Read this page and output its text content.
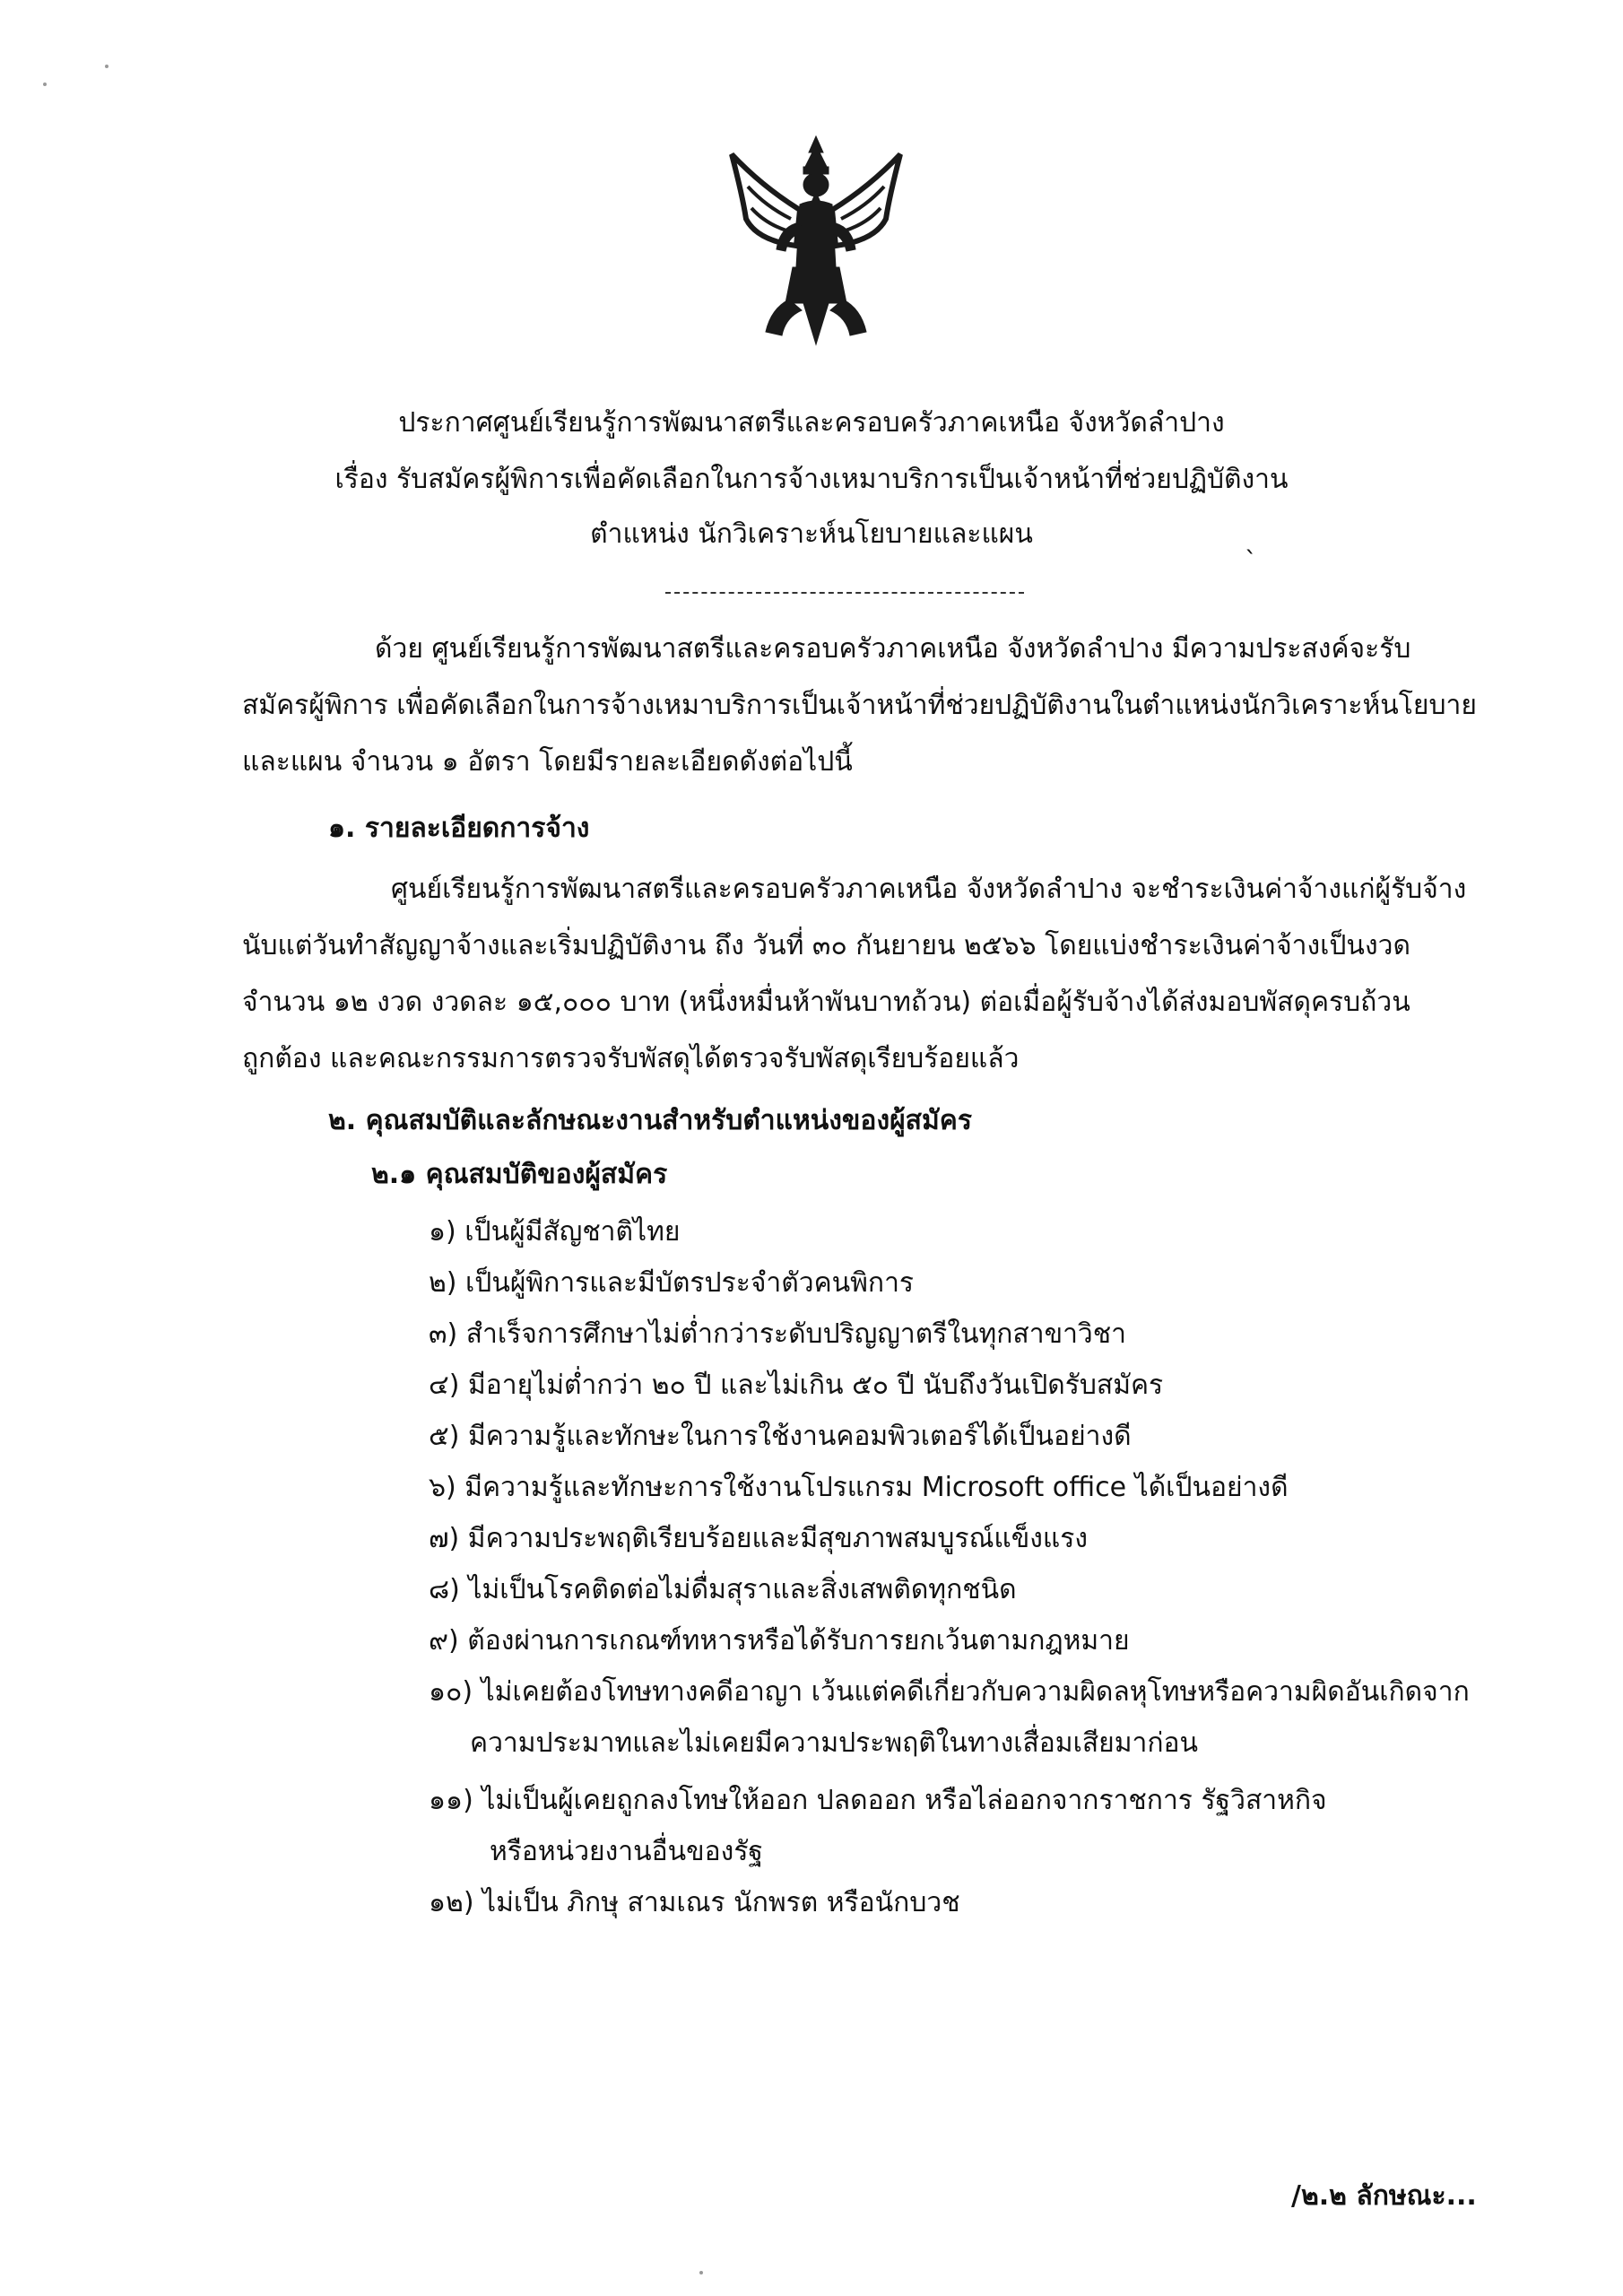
ประกาศศูนย์เรียนรู้การพัฒนาสตรีและครอบครัวภาคเหนือ จังหวัดลำปาง
เรื่อง รับสมัครผู้พิการเพื่อคัดเลือกในการจ้างเหมาบริการเป็นเจ้าหน้าที่ช่วยปฏิบัติงาน
ตำแหน่ง นักวิเคราะห์นโยบายและแผน	ˎ
ด้วย ศูนย์เรียนรู้การพัฒนาสตรีและครอบครัวภาคเหนือ จังหวัดลำปาง มีความประสงค์จะรับ
สมัครผู้พิการ เพื่อคัดเลือกในการจ้างเหมาบริการเป็นเจ้าหน้าที่ช่วยปฏิบัติงานในตำแหน่งนักวิเคราะห์นโยบาย
และแผน จำนวน ๑ อัตรา โดยมีรายละเอียดดังต่อไปนี้
๑. รายละเอียดการจ้าง
ศูนย์เรียนรู้การพัฒนาสตรีและครอบครัวภาคเหนือ จังหวัดลำปาง จะชำระเงินค่าจ้างแก่ผู้รับจ้าง
นับแต่วันทำสัญญาจ้างและเริ่มปฏิบัติงาน ถึง วันที่ ๓๐ กันยายน ๒๕๖๖ โดยแบ่งชำระเงินค่าจ้างเป็นงวด
จำนวน ๑๒ งวด งวดละ ๑๕,๐๐๐ บาท (หนึ่งหมื่นห้าพันบาทถ้วน) ต่อเมื่อผู้รับจ้างได้ส่งมอบพัสดุครบถ้วน
ถูกต้อง และคณะกรรมการตรวจรับพัสดุได้ตรวจรับพัสดุเรียบร้อยแล้ว
๒. คุณสมบัติและลักษณะงานสำหรับตำแหน่งของผู้สมัคร
๒.๑ คุณสมบัติของผู้สมัคร
๑) เป็นผู้มีสัญชาติไทย
๒) เป็นผู้พิการและมีบัตรประจำตัวคนพิการ
๓) สำเร็จการศึกษาไม่ต่ำกว่าระดับปริญญาตรีในทุกสาขาวิชา
๔) มีอายุไม่ต่ำกว่า ๒๐ ปี และไม่เกิน ๕๐ ปี นับถึงวันเปิดรับสมัคร
๕) มีความรู้และทักษะในการใช้งานคอมพิวเตอร์ได้เป็นอย่างดี
๖) มีความรู้และทักษะการใช้งานโปรแกรม Microsoft office ได้เป็นอย่างดี
๗) มีความประพฤติเรียบร้อยและมีสุขภาพสมบูรณ์แข็งแรง
๘) ไม่เป็นโรคติดต่อไม่ดื่มสุราและสิ่งเสพติดทุกชนิด
๙) ต้องผ่านการเกณฑ์ทหารหรือได้รับการยกเว้นตามกฎหมาย
๑๐) ไม่เคยต้องโทษทางคดีอาญา เว้นแต่คดีเกี่ยวกับความผิดลหุโทษหรือความผิดอันเกิดจาก
ความประมาทและไม่เคยมีความประพฤติในทางเสื่อมเสียมาก่อน
๑๑) ไม่เป็นผู้เคยถูกลงโทษให้ออก ปลดออก หรือไล่ออกจากราชการ รัฐวิสาหกิจ
หรือหน่วยงานอื่นของรัฐ
๑๒) ไม่เป็น ภิกษุ สามเณร นักพรต หรือนักบวช
/๒.๒ ลักษณะ...
